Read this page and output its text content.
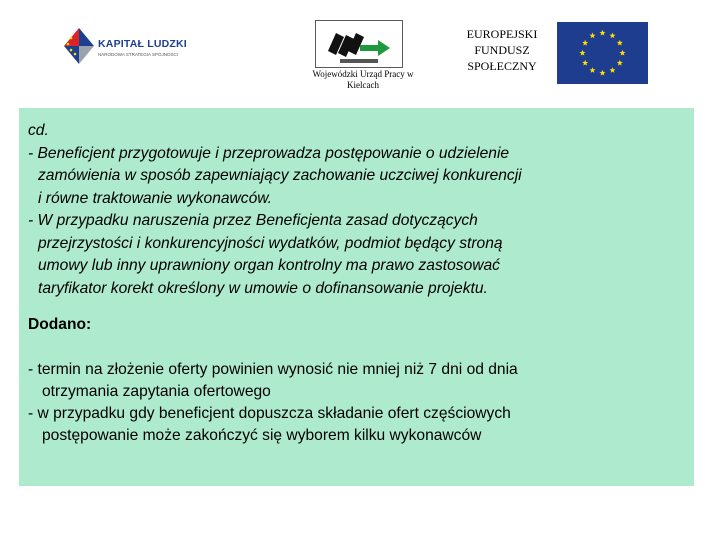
KAPITAŁ LUDZKI
NARODOWA STRATEGIA SPÓJNOŚCI
Wojewódzki Urząd Pracy w Kielcach
EUROPEJSKI
FUNDUSZ
SPOŁECZNY
cd.
- Beneficjent przygotowuje i przeprowadza postępowanie o udzielenie
zamówienia w sposób zapewniający zachowanie uczciwej konkurencji
i równe traktowanie wykonawców.
- W przypadku naruszenia przez Beneficjenta zasad dotyczących
przejrzystości i konkurencyjności wydatków, podmiot będący stroną
umowy lub inny uprawniony organ kontrolny ma prawo zastosować
taryfikator korekt określony w umowie o dofinansowanie projektu.
Dodano:
- termin na złożenie oferty powinien wynosić nie mniej niż 7 dni od dnia
otrzymania zapytania ofertowego
- w przypadku gdy beneficjent dopuszcza składanie ofert częściowych
postępowanie może zakończyć się wyborem kilku wykonawców
